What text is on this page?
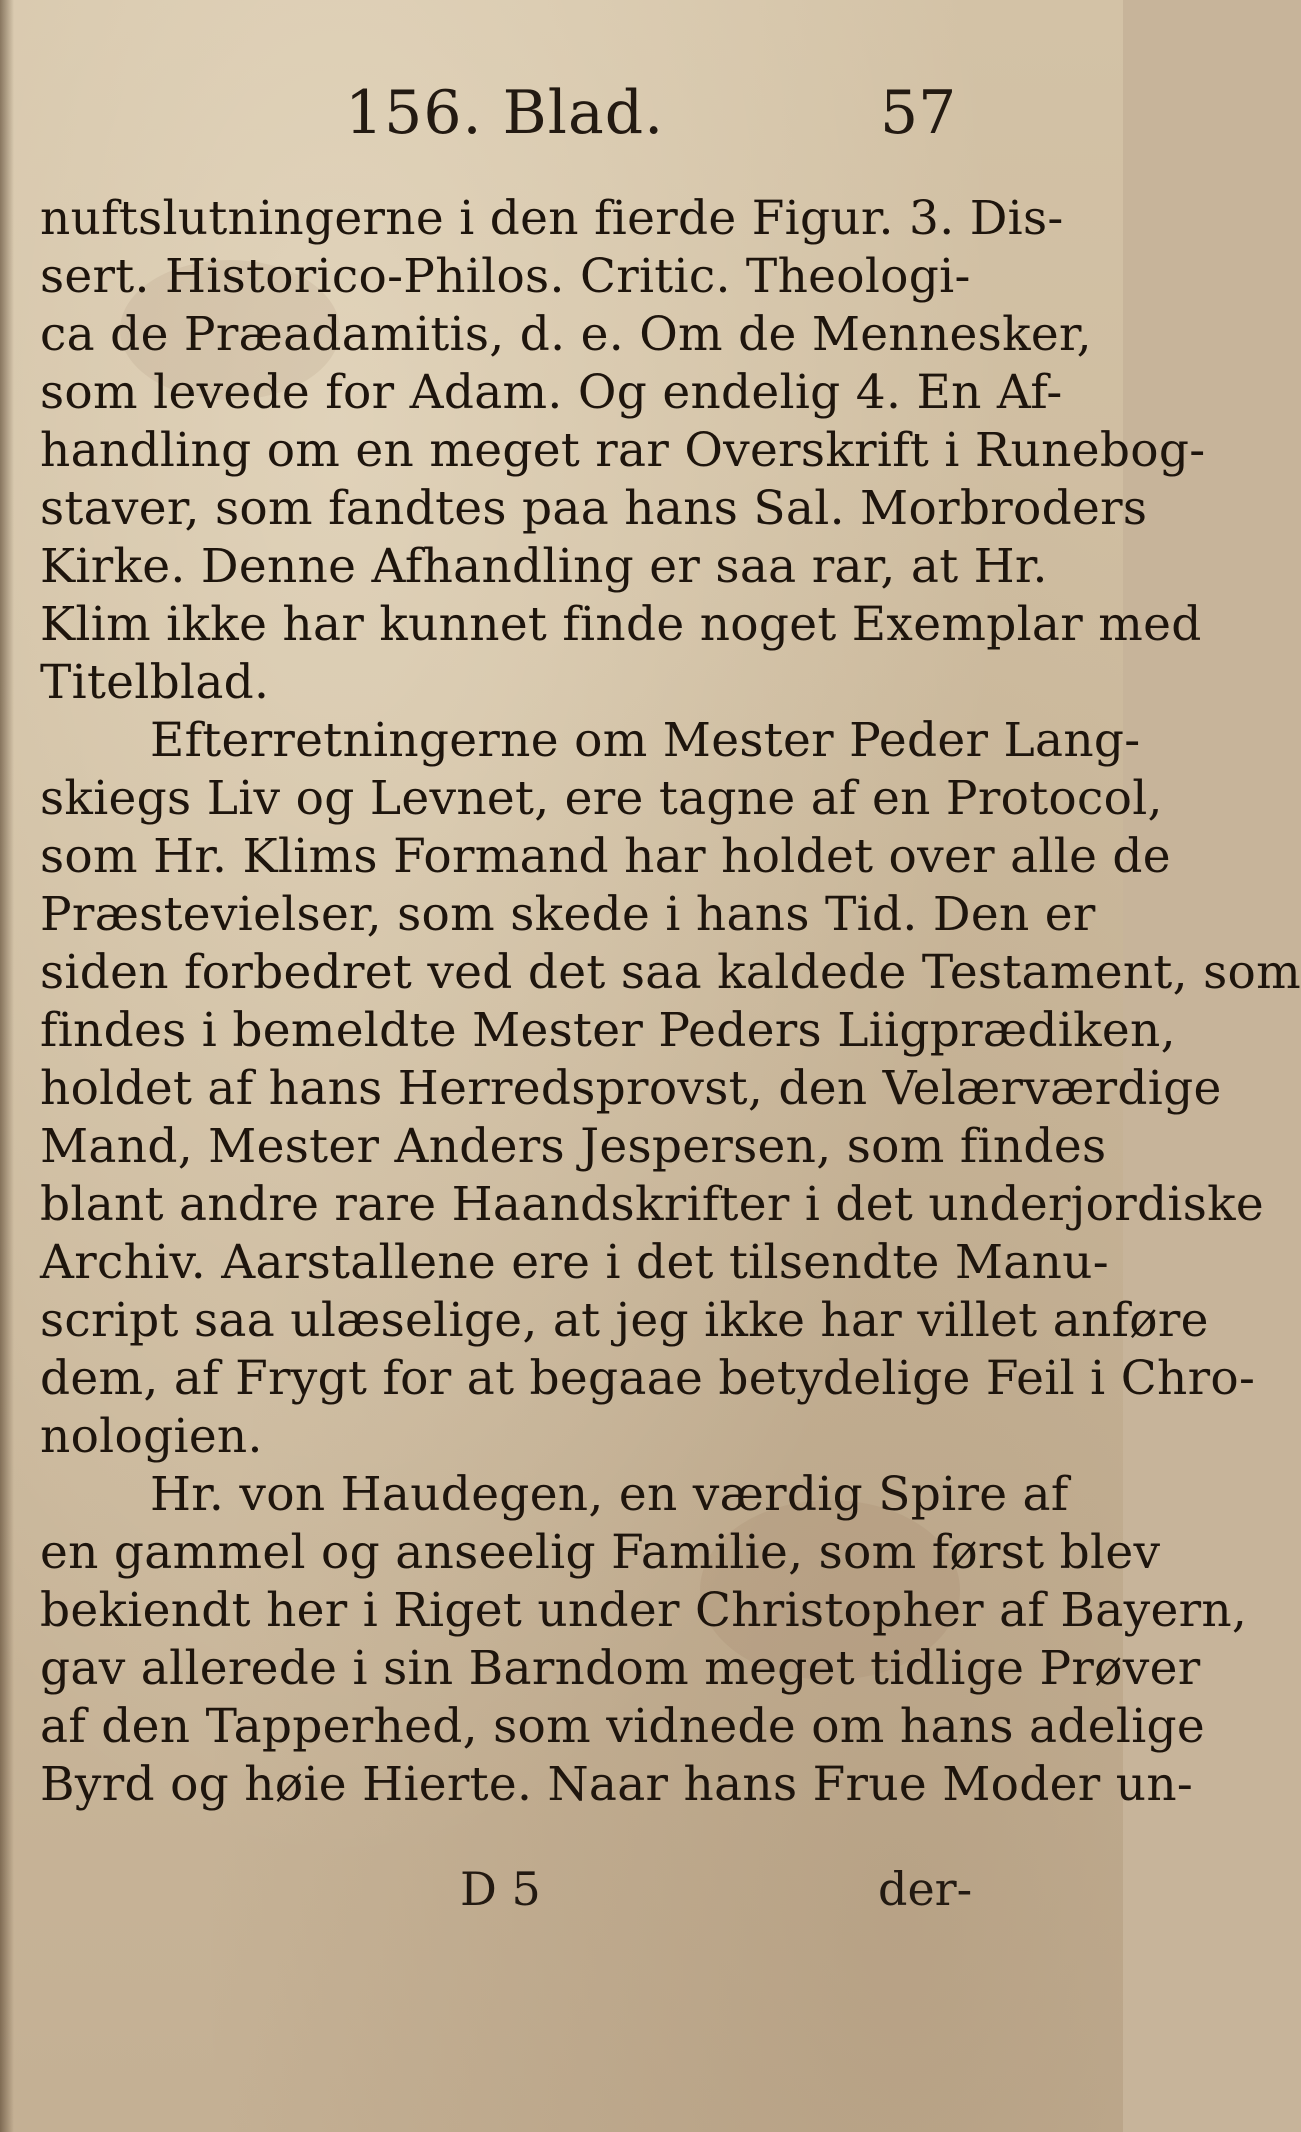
156. Blad.	57
nuftslutningerne i den fierde Figur. 3. Dis-
sert. Historico-Philos. Critic. Theologi-
ca de Præadamitis, d. e. Om de Mennesker,
som levede for Adam. Og endelig 4. En Af-
handling om en meget rar Overskrift i Runebog-
staver, som fandtes paa hans Sal. Morbroders
Kirke. Denne Afhandling er saa rar, at Hr.
Klim ikke har kunnet finde noget Exemplar med
Titelblad.
Efterretningerne om Mester Peder Lang-
skiegs Liv og Levnet, ere tagne af en Protocol,
som Hr. Klims Formand har holdet over alle de
Præstevielser, som skede i hans Tid. Den er
siden forbedret ved det saa kaldede Testament, som
findes i bemeldte Mester Peders Liigprædiken,
holdet af hans Herredsprovst, den Velærværdige
Mand, Mester Anders Jespersen, som findes
blant andre rare Haandskrifter i det underjordiske
Archiv. Aarstallene ere i det tilsendte Manu-
script saa ulæselige, at jeg ikke har villet anføre
dem, af Frygt for at begaae betydelige Feil i Chro-
nologien.
Hr. von Haudegen, en værdig Spire af
en gammel og anseelig Familie, som først blev
bekiendt her i Riget under Christopher af Bayern,
gav allerede i sin Barndom meget tidlige Prøver
af den Tapperhed, som vidnede om hans adelige
Byrd og høie Hierte. Naar hans Frue Moder un-
D 5	der-
